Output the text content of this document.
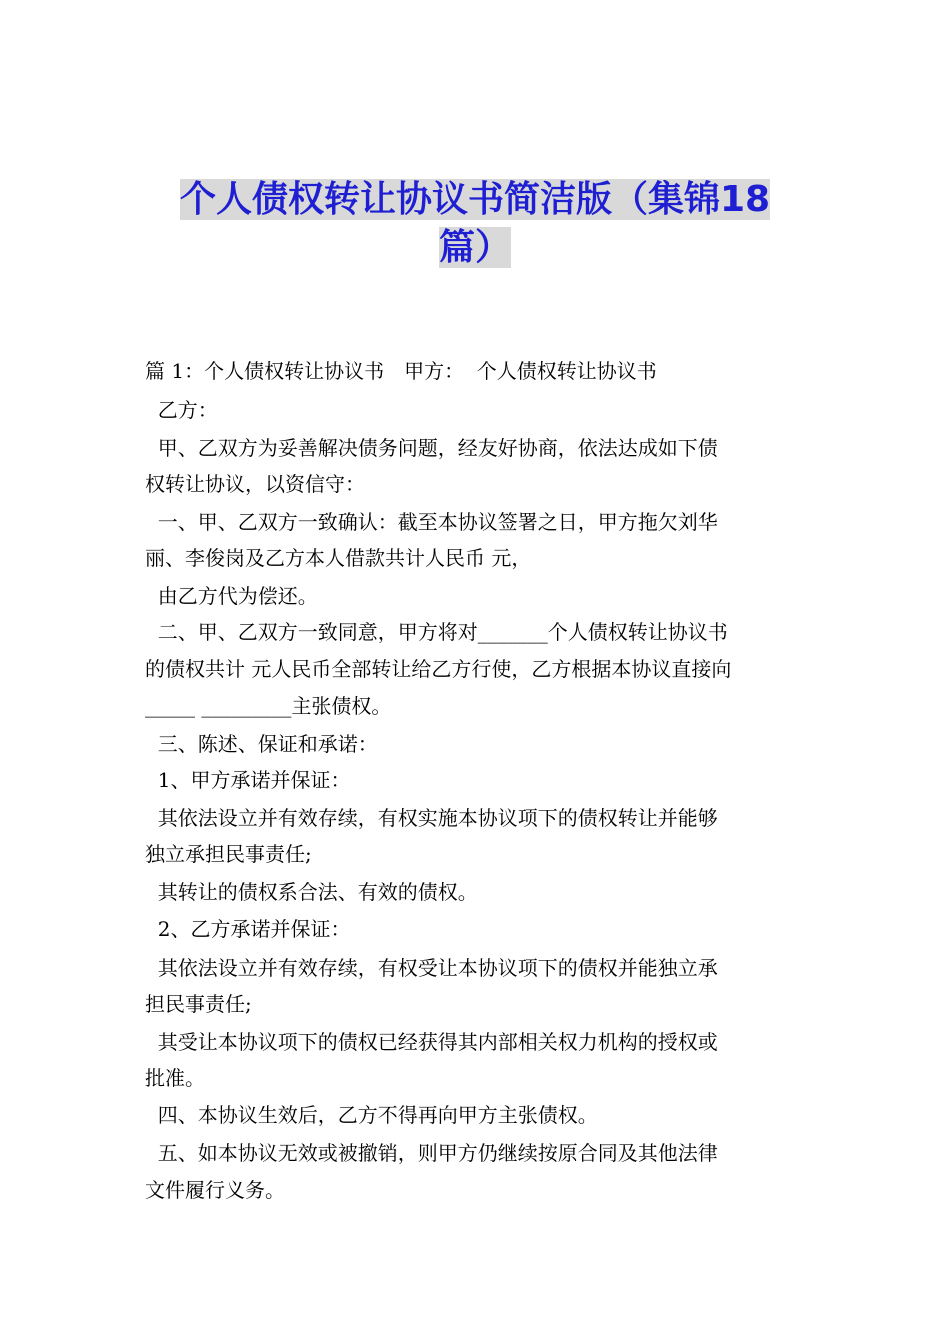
个人债权转让协议书简洁版（集锦18
篇）
篇 1：个人债权转让协议书　甲方：  个人债权转让协议书
乙方：
甲、乙双方为妥善解决债务问题，经友好协商，依法达成如下债
权转让协议，以资信守：
一、甲、乙双方一致确认：截至本协议签署之日，甲方拖欠刘华
丽、李俊岗及乙方本人借款共计人民币 元，
由乙方代为偿还。
二、甲、乙双方一致同意，甲方将对_______个人债权转让协议书
的债权共计 元人民币全部转让给乙方行使，乙方根据本协议直接向
_____ _________主张债权。
三、陈述、保证和承诺：
1、甲方承诺并保证：
其依法设立并有效存续，有权实施本协议项下的债权转让并能够
独立承担民事责任;
其转让的债权系合法、有效的债权。
2、乙方承诺并保证：
其依法设立并有效存续，有权受让本协议项下的债权并能独立承
担民事责任;
其受让本协议项下的债权已经获得其内部相关权力机构的授权或
批准。
四、本协议生效后，乙方不得再向甲方主张债权。
五、如本协议无效或被撤销，则甲方仍继续按原合同及其他法律
文件履行义务。
